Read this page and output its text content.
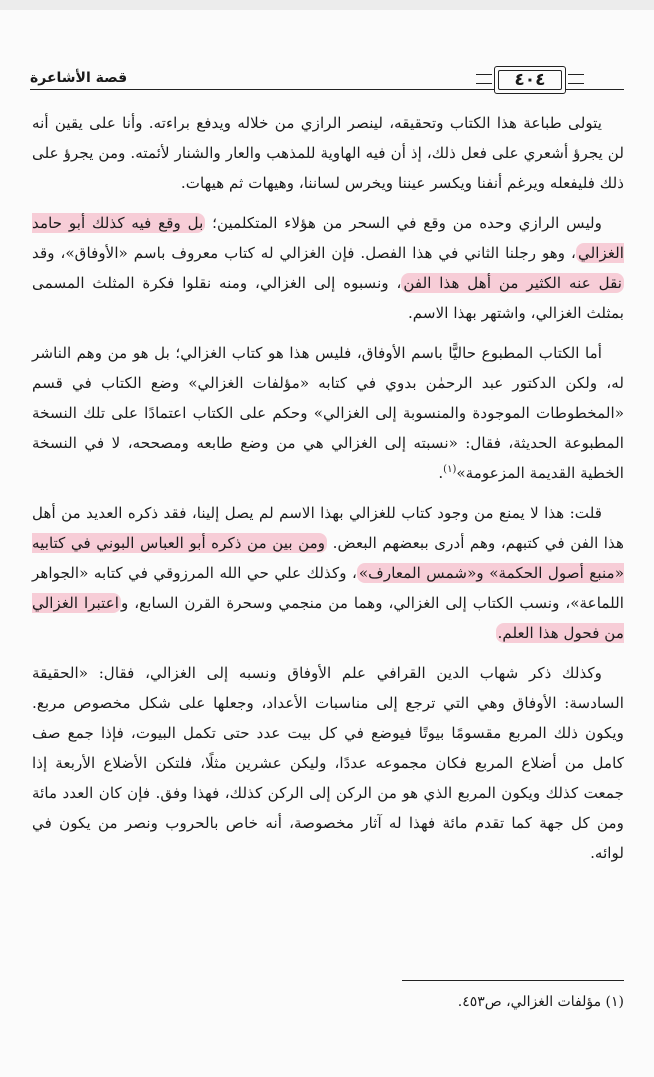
قصة الأشاعرة	٤٠٤

يتولى طباعة هذا الكتاب وتحقيقه، لينصر الرازي من خلاله ويدفع براءته. وأنا على يقين أنه لن يجرؤ أشعري على فعل ذلك، إذ أن فيه الهاوية للمذهب والعار والشنار لأئمته. ومن يجرؤ على ذلك فليفعله ويرغم أنفنا ويكسر عيننا ويخرس لساننا، وهيهات ثم هيهات.

وليس الرازي وحده من وقع في السحر من هؤلاء المتكلمين؛ بل وقع فيه كذلك أبو حامد الغزالي، وهو رجلنا الثاني في هذا الفصل. فإن الغزالي له كتاب معروف باسم «الأوفاق»، وقد نقل عنه الكثير من أهل هذا الفن، ونسبوه إلى الغزالي، ومنه نقلوا فكرة المثلث المسمى بمثلث الغزالي، واشتهر بهذا الاسم.

أما الكتاب المطبوع حاليًّا باسم الأوفاق، فليس هذا هو كتاب الغزالي؛ بل هو من وهم الناشر له، ولكن الدكتور عبد الرحمٰن بدوي في كتابه «مؤلفات الغزالي» وضع الكتاب في قسم «المخطوطات الموجودة والمنسوبة إلى الغزالي» وحكم على الكتاب اعتمادًا على تلك النسخة المطبوعة الحديثة، فقال: «نسبته إلى الغزالي هي من وضع طابعه ومصححه، لا في النسخة الخطية القديمة المزعومة»$^{(١)}$.

قلت: هذا لا يمنع من وجود كتاب للغزالي بهذا الاسم لم يصل إلينا، فقد ذكره العديد من أهل هذا الفن في كتبهم، وهم أدرى ببعضهم البعض. ومن بين من ذكره أبو العباس البوني في كتابيه «منبع أصول الحكمة» و«شمس المعارف»، وكذلك علي حي الله المرزوقي في كتابه «الجواهر اللماعة»، ونسب الكتاب إلى الغزالي، وهما من منجمي وسحرة القرن السابع، واعتبرا الغزالي من فحول هذا العلم.

وكذلك ذكر شهاب الدين القرافي علم الأوفاق ونسبه إلى الغزالي، فقال: «الحقيقة السادسة: الأوفاق وهي التي ترجع إلى مناسبات الأعداد، وجعلها على شكل مخصوص مربع. ويكون ذلك المربع مقسومًا بيوتًا فيوضع في كل بيت عدد حتى تكمل البيوت، فإذا جمع صف كامل من أضلاع المربع فكان مجموعه عددًا، وليكن عشرين مثلًا، فلتكن الأضلاع الأربعة إذا جمعت كذلك ويكون المربع الذي هو من الركن إلى الركن كذلك، فهذا وفق. فإن كان العدد مائة ومن كل جهة كما تقدم مائة فهذا له آثار مخصوصة، أنه خاص بالحروب ونصر من يكون في لوائه.

(١) مؤلفات الغزالي، ص٤٥٣.
